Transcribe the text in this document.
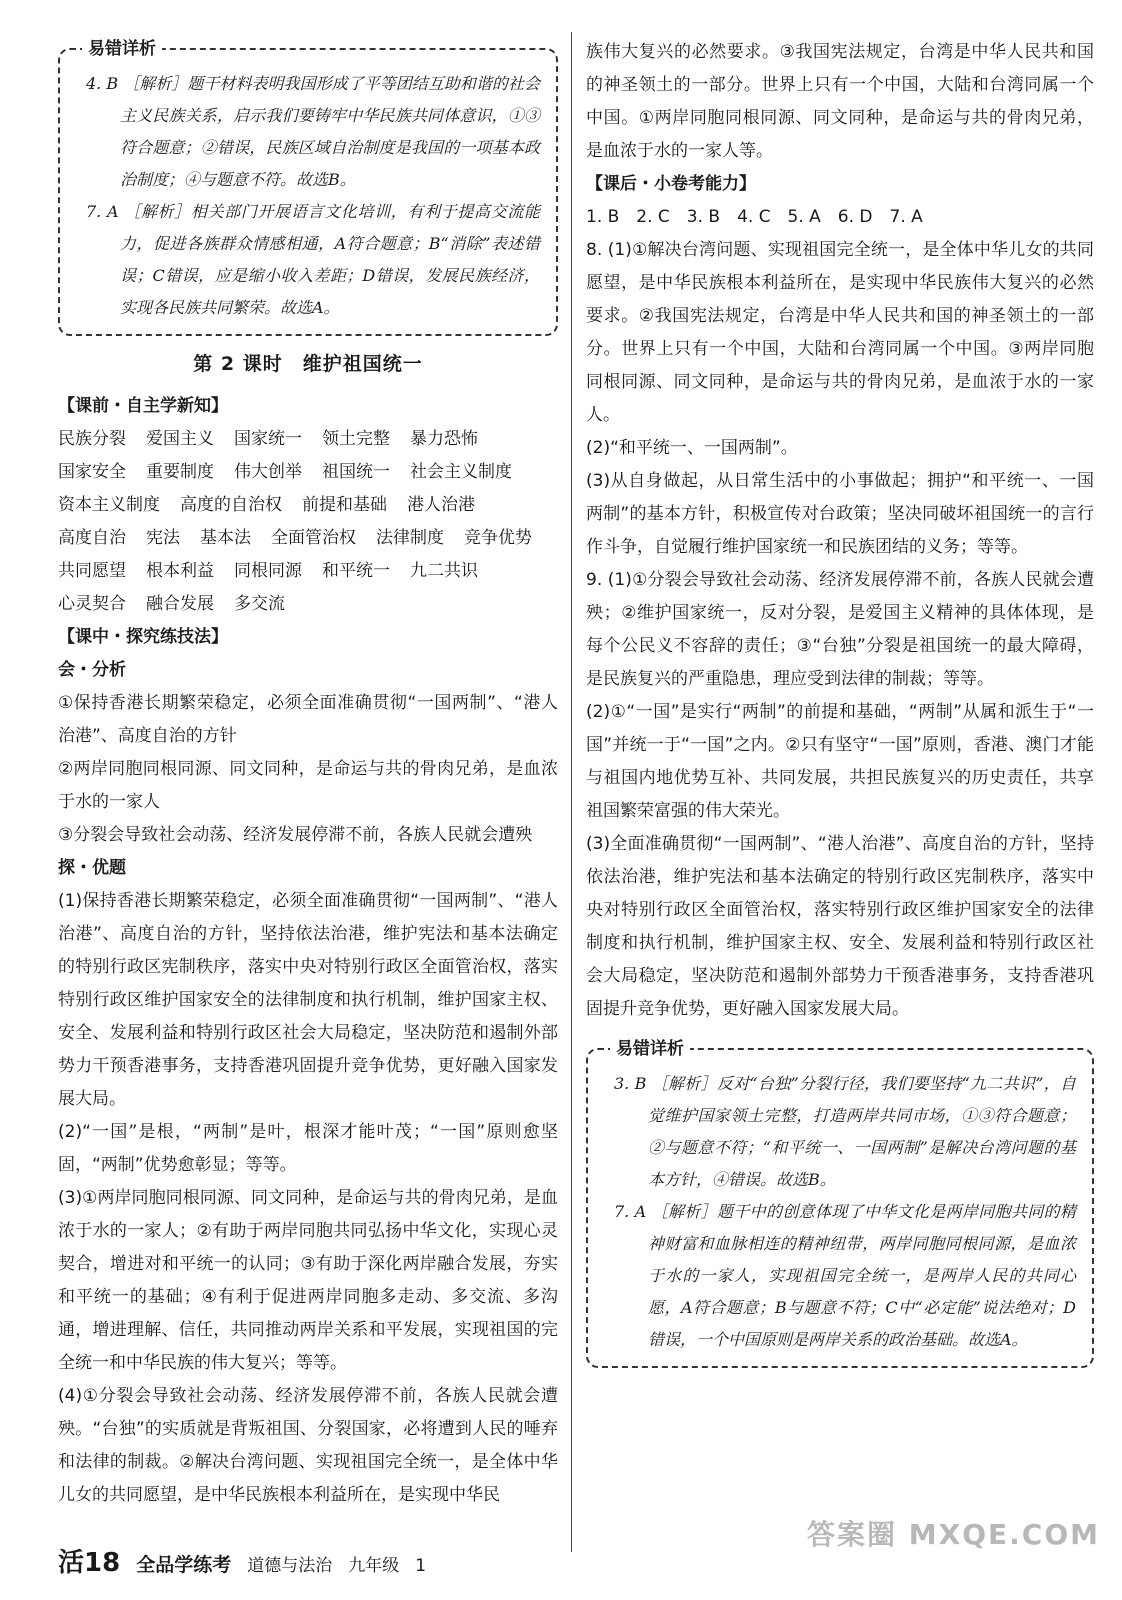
易错详析

4. B ［解析］题干材料表明我国形成了平等团结互助和谐的社会主义民族关系，启示我们要铸牢中华民族共同体意识，①③符合题意；②错误，民族区域自治制度是我国的一项基本政治制度；④与题意不符。故选B。

7. A ［解析］相关部门开展语言文化培训，有利于提高交流能力，促进各族群众情感相通，A符合题意；B“消除”表述错误；C错误，应是缩小收入差距；D错误，发展民族经济，实现各民族共同繁荣。故选A。

第 2 课时　维护祖国统一

【课前・自主学新知】

民族分裂 爱国主义 国家统一 领土完整 暴力恐怖
国家安全 重要制度 伟大创举 祖国统一 社会主义制度
资本主义制度 高度的自治权 前提和基础 港人治港
高度自治 宪法 基本法 全面管治权 法律制度 竞争优势
共同愿望 根本利益 同根同源 和平统一 九二共识
心灵契合 融合发展 多交流

【课中・探究练技法】

会・分析

①保持香港长期繁荣稳定，必须全面准确贯彻“一国两制”、“港人治港”、高度自治的方针

②两岸同胞同根同源、同文同种，是命运与共的骨肉兄弟，是血浓于水的一家人

③分裂会导致社会动荡、经济发展停滞不前，各族人民就会遭殃

探・优题

(1)保持香港长期繁荣稳定，必须全面准确贯彻“一国两制”、“港人治港”、高度自治的方针，坚持依法治港，维护宪法和基本法确定的特别行政区宪制秩序，落实中央对特别行政区全面管治权，落实特别行政区维护国家安全的法律制度和执行机制，维护国家主权、安全、发展利益和特别行政区社会大局稳定，坚决防范和遏制外部势力干预香港事务，支持香港巩固提升竞争优势，更好融入国家发展大局。

(2)“一国”是根，“两制”是叶，根深才能叶茂；“一国”原则愈坚固，“两制”优势愈彰显；等等。

(3)①两岸同胞同根同源、同文同种，是命运与共的骨肉兄弟，是血浓于水的一家人；②有助于两岸同胞共同弘扬中华文化，实现心灵契合，增进对和平统一的认同；③有助于深化两岸融合发展，夯实和平统一的基础；④有利于促进两岸同胞多走动、多交流、多沟通，增进理解、信任，共同推动两岸关系和平发展，实现祖国的完全统一和中华民族的伟大复兴；等等。

(4)①分裂会导致社会动荡、经济发展停滞不前，各族人民就会遭殃。“台独”的实质就是背叛祖国、分裂国家，必将遭到人民的唾弃和法律的制裁。②解决台湾问题、实现祖国完全统一，是全体中华儿女的共同愿望，是中华民族根本利益所在，是实现中华民

族伟大复兴的必然要求。③我国宪法规定，台湾是中华人民共和国的神圣领土的一部分。世界上只有一个中国，大陆和台湾同属一个中国。①两岸同胞同根同源、同文同种，是命运与共的骨肉兄弟，是血浓于水的一家人等。

【课后・小卷考能力】

1. B　2. C　3. B　4. C　5. A　6. D　7. A

8. (1)①解决台湾问题、实现祖国完全统一，是全体中华儿女的共同愿望，是中华民族根本利益所在，是实现中华民族伟大复兴的必然要求。②我国宪法规定，台湾是中华人民共和国的神圣领土的一部分。世界上只有一个中国，大陆和台湾同属一个中国。③两岸同胞同根同源、同文同种，是命运与共的骨肉兄弟，是血浓于水的一家人。

(2)“和平统一、一国两制”。

(3)从自身做起，从日常生活中的小事做起；拥护“和平统一、一国两制”的基本方针，积极宣传对台政策；坚决同破坏祖国统一的言行作斗争，自觉履行维护国家统一和民族团结的义务；等等。

9. (1)①分裂会导致社会动荡、经济发展停滞不前，各族人民就会遭殃；②维护国家统一，反对分裂，是爱国主义精神的具体体现，是每个公民义不容辞的责任；③“台独”分裂是祖国统一的最大障碍，是民族复兴的严重隐患，理应受到法律的制裁；等等。

(2)①“一国”是实行“两制”的前提和基础，“两制”从属和派生于“一国”并统一于“一国”之内。②只有坚守“一国”原则，香港、澳门才能与祖国内地优势互补、共同发展，共担民族复兴的历史责任，共享祖国繁荣富强的伟大荣光。

(3)全面准确贯彻“一国两制”、“港人治港”、高度自治的方针，坚持依法治港，维护宪法和基本法确定的特别行政区宪制秩序，落实中央对特别行政区全面管治权，落实特别行政区维护国家安全的法律制度和执行机制，维护国家主权、安全、发展利益和特别行政区社会大局稳定，坚决防范和遏制外部势力干预香港事务，支持香港巩固提升竞争优势，更好融入国家发展大局。

易错详析

3. B ［解析］反对“台独”分裂行径，我们要坚持“九二共识”，自觉维护国家领土完整，打造两岸共同市场，①③符合题意；②与题意不符；“和平统一、一国两制”是解决台湾问题的基本方针，④错误。故选B。

7. A ［解析］题干中的创意体现了中华文化是两岸同胞共同的精神财富和血脉相连的精神纽带，两岸同胞同根同源，是血浓于水的一家人，实现祖国完全统一，是两岸人民的共同心愿，A符合题意；B与题意不符；C中“必定能”说法绝对；D错误，一个中国原则是两岸关系的政治基础。故选A。

活18 全品学练考 道德与法治 九年级 1
答案圈 MXQE.COM
